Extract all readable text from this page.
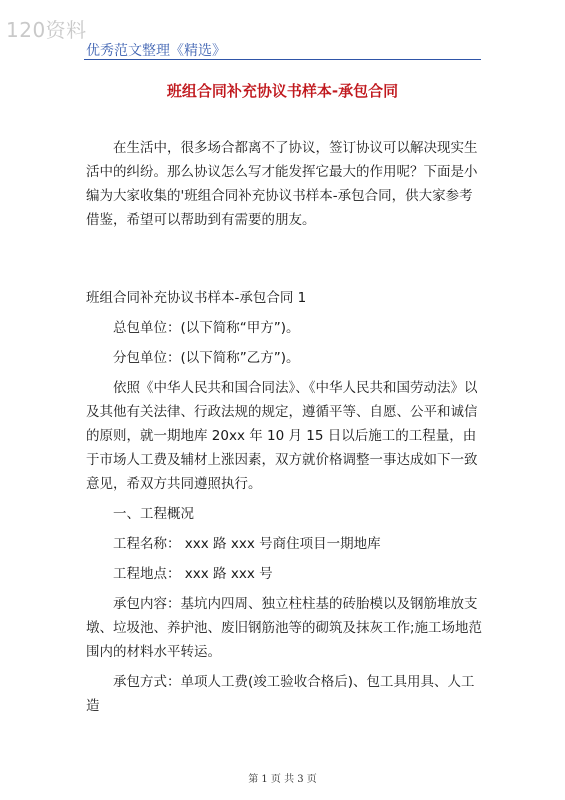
120资料
优秀范文整理《精选》
班组合同补充协议书样本-承包合同

在生活中，很多场合都离不了协议，签订协议可以解决现实生活中的纠纷。那么协议怎么写才能发挥它最大的作用呢？下面是小编为大家收集的'班组合同补充协议书样本-承包合同，供大家参考借鉴，希望可以帮助到有需要的朋友。

班组合同补充协议书样本-承包合同 1

总包单位：(以下简称“甲方”)。

分包单位：(以下简称”乙方”)。

依照《中华人民共和国合同法》、《中华人民共和国劳动法》以及其他有关法律、行政法规的规定，遵循平等、自愿、公平和诚信的原则，就一期地库 20xx 年 10 月 15 日以后施工的工程量，由于市场人工费及辅材上涨因素，双方就价格调整一事达成如下一致意见，希双方共同遵照执行。

一、工程概况

工程名称： xxx 路 xxx 号商住项目一期地库

工程地点： xxx 路 xxx 号

承包内容：基坑内四周、独立柱柱基的砖胎模以及钢筋堆放支墩、垃圾池、养护池、废旧钢筋池等的砌筑及抹灰工作;施工场地范围内的材料水平转运。

承包方式：单项人工费(竣工验收合格后)、包工具用具、人工造

第 1 页 共 3 页
